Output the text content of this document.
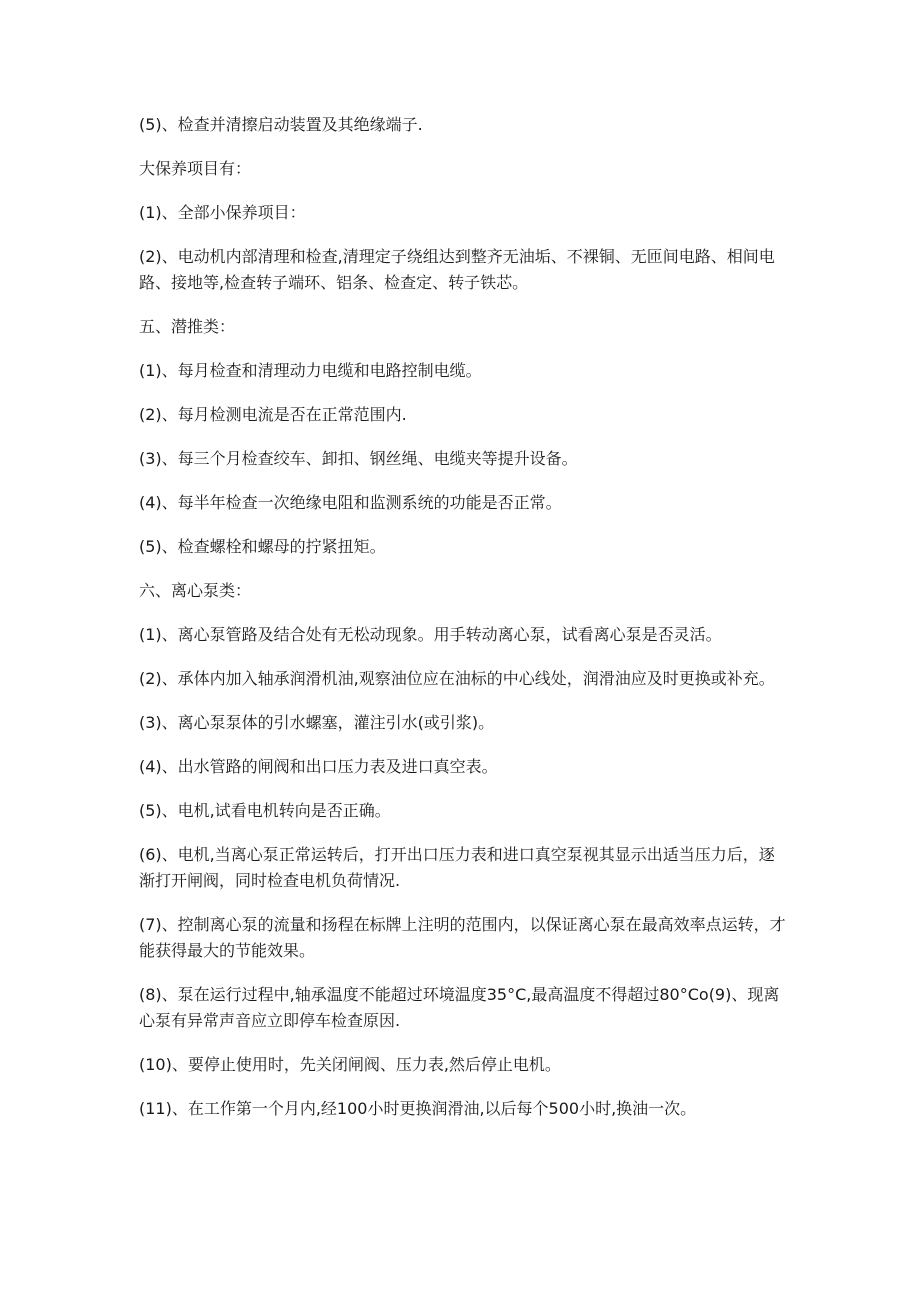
(5)、检查并清擦启动装置及其绝缘端子.

大保养项目有：

(1)、全部小保养项目：

(2)、电动机内部清理和检查,清理定子绕组达到整齐无油垢、不裸铜、无匝间电路、相间电路、接地等,检查转子端环、铝条、检查定、转子铁芯。

五、潜推类：

(1)、每月检查和清理动力电缆和电路控制电缆。

(2)、每月检测电流是否在正常范围内.

(3)、每三个月检查绞车、卸扣、钢丝绳、电缆夹等提升设备。

(4)、每半年检查一次绝缘电阻和监测系统的功能是否正常。

(5)、检查螺栓和螺母的拧紧扭矩。

六、离心泵类：

(1)、离心泵管路及结合处有无松动现象。用手转动离心泵，试看离心泵是否灵活。

(2)、承体内加入轴承润滑机油,观察油位应在油标的中心线处，润滑油应及时更换或补充。

(3)、离心泵泵体的引水螺塞，灌注引水(或引浆)。

(4)、出水管路的闸阀和出口压力表及进口真空表。

(5)、电机,试看电机转向是否正确。

(6)、电机,当离心泵正常运转后，打开出口压力表和进口真空泵视其显示出适当压力后，逐渐打开闸阀，同时检查电机负荷情况.

(7)、控制离心泵的流量和扬程在标牌上注明的范围内，以保证离心泵在最高效率点运转，才能获得最大的节能效果。

(8)、泵在运行过程中,轴承温度不能超过环境温度35°C,最高温度不得超过80°Co(9)、现离心泵有异常声音应立即停车检查原因.

(10)、要停止使用时，先关闭闸阀、压力表,然后停止电机。

(11)、在工作第一个月内,经100小时更换润滑油,以后每个500小时,换油一次。
